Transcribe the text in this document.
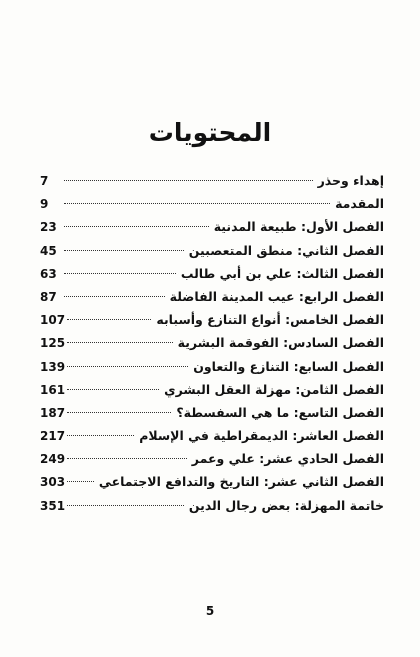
المحتويات
إهداء وحذر
7
المقدمة
9
الفصل الأول: طبيعة المدنية
23
الفصل الثاني: منطق المتعصبين
45
الفصل الثالث: علي بن أبي طالب
63
الفصل الرابع: عيب المدينة الفاضلة
87
الفصل الخامس: أنواع التنازع وأسبابه
107
الفصل السادس: الفوقمة البشرية
125
الفصل السابع: التنازع والتعاون
139
الفصل الثامن: مهزلة العقل البشري
161
الفصل التاسع: ما هي السفسطة؟
187
الفصل العاشر: الديمقراطية في الإسلام
217
الفصل الحادي عشر: علي وعمر
249
الفصل الثاني عشر: التاريخ والتدافع الاجتماعي
303
خاتمة المهزلة: بعض رجال الدين
351
5
